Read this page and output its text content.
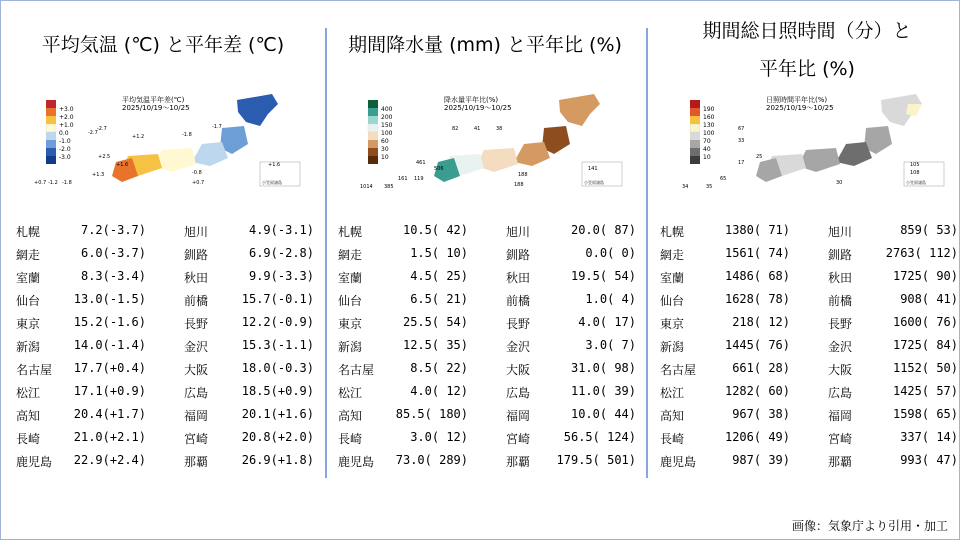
平均気温 (℃) と平年差 (℃)
+3.0
+2.0
+1.0
0.0
-1.0
-2.0
-3.0
平均気温平年差(℃)
2025/10/19～10/25
-2.7
-1.8
+1.2
-1.7
+2.5
+1.6
-0.8
+0.7
+1.3
-1.2 -1.8
+0.7
+1.6
-2.7
小笠原諸島
札幌	7.2(-3.7)	旭川	4.9(-3.1)
網走	6.0(-3.7)	釧路	6.9(-2.8)
室蘭	8.3(-3.4)	秋田	9.9(-3.3)
仙台	13.0(-1.5)	前橋	15.7(-0.1)
東京	15.2(-1.6)	長野	12.2(-0.9)
新潟	14.0(-1.4)	金沢	15.3(-1.1)
名古屋 17.7(+0.4)	大阪	18.0(-0.3)
松江	17.1(+0.9)	広島	18.5(+0.9)
高知	20.4(+1.7)	福岡	20.1(+1.6)
長崎	21.0(+2.1)	宮崎	20.8(+2.0)
鹿児島 22.9(+2.4)	那覇	26.9(+1.8)
期間降水量 (mm) と平年比 (%)
400
200
150
100
60
30
10
降水量平年比(%)
2025/10/19～10/25
82	41	38
461
506
1014 385
161 119
188
141
188	小笠原諸島
札幌	10.5( 42)	旭川	20.0( 87)
網走	1.5( 10)	釧路	0.0( 0)
室蘭	4.5( 25)	秋田	19.5( 54)
仙台	6.5( 21)	前橋	1.0( 4)
東京	25.5( 54)	長野	4.0( 17)
新潟	12.5( 35)	金沢	3.0( 7)
名古屋	8.5( 22)	大阪	31.0( 98)
松江	4.0( 12)	広島	11.0( 39)
高知	85.5( 180)	福岡	10.0( 44)
長崎	3.0( 12)	宮崎	56.5( 124)
鹿児島 73.0( 289)	那覇 179.5( 501)
期間総日照時間（分）と
平年比 (%)
190
160
130
100
70
40
10
日照時間平年比(%)
2025/10/19～10/25
67
33
17
25
34	35
65
105
108
30	小笠原諸島
札幌	1380( 71)	旭川	859( 53)
網走	1561( 74)	釧路	2763( 112)
室蘭	1486( 68)	秋田	1725( 90)
仙台	1628( 78)	前橋	908( 41)
東京	218( 12)	長野	1600( 76)
新潟	1445( 76)	金沢	1725( 84)
名古屋	661( 28)	大阪	1152( 50)
松江	1282( 60)	広島	1425( 57)
高知	967( 38)	福岡	1598( 65)
長崎	1206( 49)	宮崎	337( 14)
鹿児島	987( 39)	那覇	993( 47)
画像：気象庁より引用・加工
